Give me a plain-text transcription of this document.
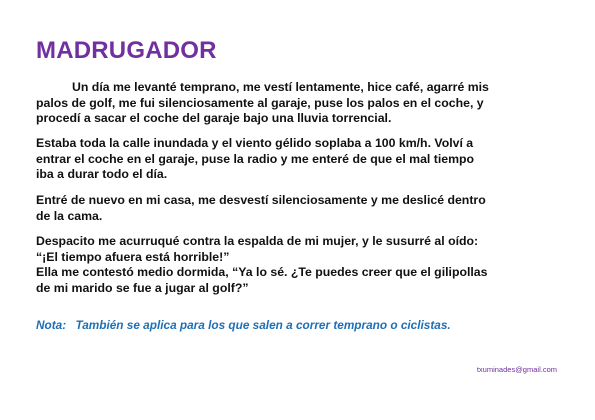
MADRUGADOR

Un día me levanté temprano, me vestí lentamente, hice café, agarré mis
palos de golf, me fui silenciosamente al garaje, puse los palos en el coche, y
procedí a sacar el coche del garaje bajo una lluvia torrencial.

Estaba toda la calle inundada y el viento gélido soplaba a 100 km/h. Volví a
entrar el coche en el garaje, puse la radio y me enteré de que el mal tiempo
iba a durar todo el día.

Entré de nuevo en mi casa, me desvestí silenciosamente y me deslicé dentro
de la cama.

Despacito me acurruqué contra la espalda de mi mujer, y le susurré al oído:
“¡El tiempo afuera está horrible!”
Ella me contestó medio dormida, “Ya lo sé. ¿Te puedes creer que el gilipollas
de mi marido se fue a jugar al golf?”

Nota: También se aplica para los que salen a correr temprano o ciclistas.

txuminades@gmail.com
